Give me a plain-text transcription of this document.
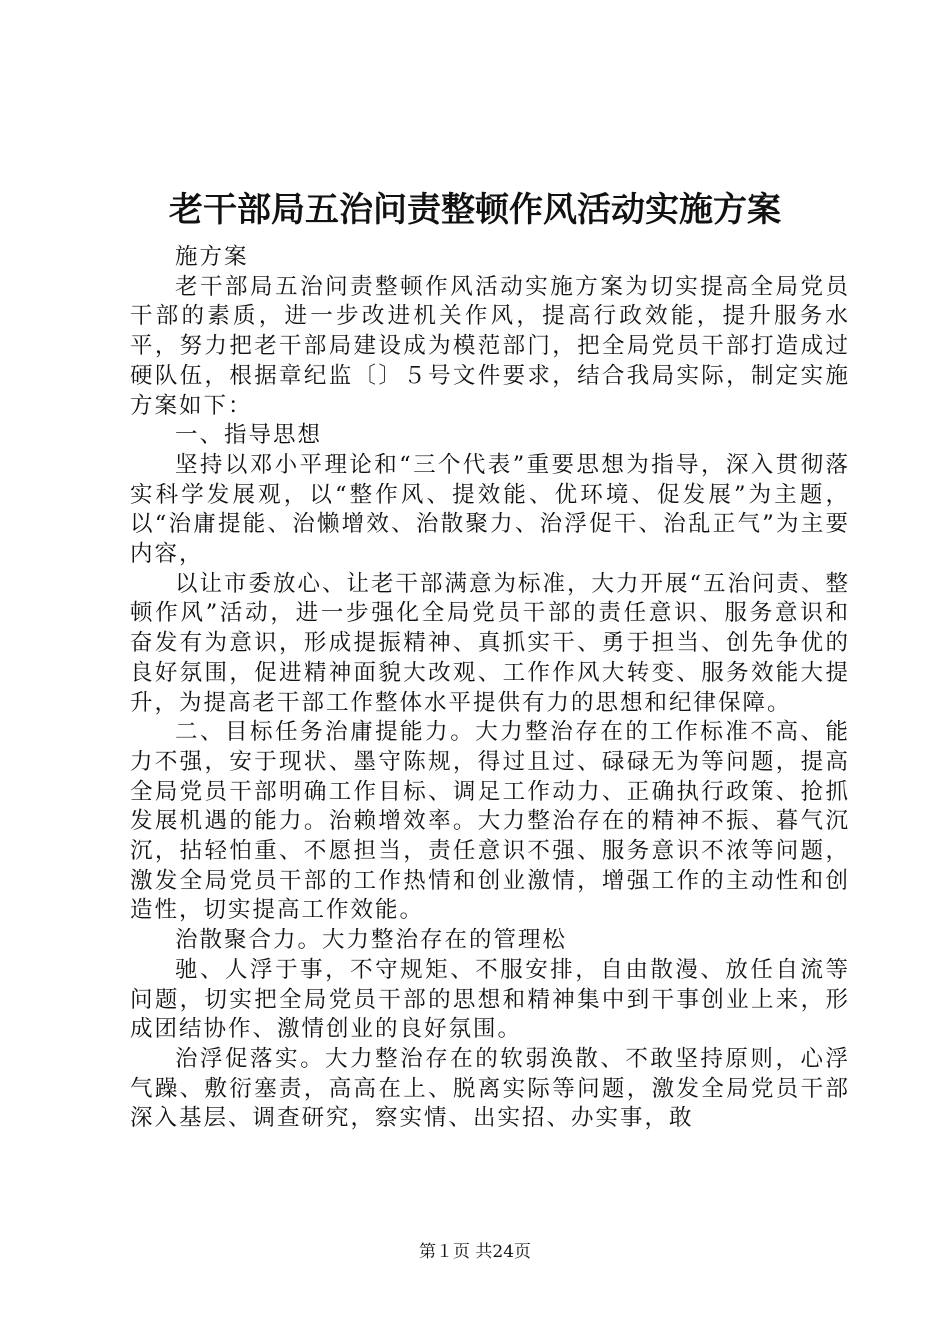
老干部局五治问责整顿作风活动实施方案

施方案

老干部局五治问责整顿作风活动实施方案为切实提高全局党员干部的素质，进一步改进机关作风，提高行政效能，提升服务水平，努力把老干部局建设成为模范部门，把全局党员干部打造成过硬队伍，根据章纪监〔〕５号文件要求，结合我局实际，制定实施方案如下：

一、指导思想

坚持以邓小平理论和“三个代表”重要思想为指导，深入贯彻落实科学发展观，以“整作风、提效能、优环境、促发展”为主题，以“治庸提能、治懒增效、治散聚力、治浮促干、治乱正气”为主要内容，

以让市委放心、让老干部满意为标准，大力开展“五治问责、整顿作风”活动，进一步强化全局党员干部的责任意识、服务意识和奋发有为意识，形成提振精神、真抓实干、勇于担当、创先争优的良好氛围，促进精神面貌大改观、工作作风大转变、服务效能大提升，为提高老干部工作整体水平提供有力的思想和纪律保障。

二、目标任务治庸提能力。大力整治存在的工作标准不高、能力不强，安于现状、墨守陈规，得过且过、碌碌无为等问题，提高全局党员干部明确工作目标、调足工作动力、正确执行政策、抢抓发展机遇的能力。治赖增效率。大力整治存在的精神不振、暮气沉沉，拈轻怕重、不愿担当，责任意识不强、服务意识不浓等问题，激发全局党员干部的工作热情和创业激情，增强工作的主动性和创造性，切实提高工作效能。

治散聚合力。大力整治存在的管理松

驰、人浮于事，不守规矩、不服安排，自由散漫、放任自流等问题，切实把全局党员干部的思想和精神集中到干事创业上来，形成团结协作、激情创业的良好氛围。

治浮促落实。大力整治存在的软弱涣散、不敢坚持原则，心浮气躁、敷衍塞责，高高在上、脱离实际等问题，激发全局党员干部深入基层、调查研究，察实情、出实招、办实事，敢

第１页 共24页
